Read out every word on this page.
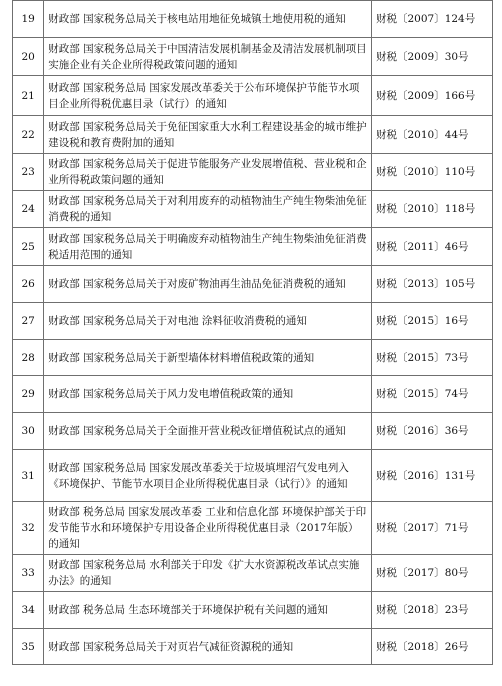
19	财政部 国家税务总局关于核电站用地征免城镇土地使用税的通知	财税〔2007〕124号
20	财政部 国家税务总局关于中国清洁发展机制基金及清洁发展机制项目实施企业有关企业所得税政策问题的通知	财税〔2009〕30号
21	财政部 国家税务总局 国家发展改革委关于公布环境保护节能节水项目企业所得税优惠目录（试行）的通知	财税〔2009〕166号
22	财政部 国家税务总局关于免征国家重大水利工程建设基金的城市维护建设税和教育费附加的通知	财税〔2010〕44号
23	财政部 国家税务总局关于促进节能服务产业发展增值税、营业税和企业所得税政策问题的通知	财税〔2010〕110号
24	财政部 国家税务总局关于对利用废弃的动植物油生产纯生物柴油免征消费税的通知	财税〔2010〕118号
25	财政部 国家税务总局关于明确废弃动植物油生产纯生物柴油免征消费税适用范围的通知	财税〔2011〕46号
26	财政部 国家税务总局关于对废矿物油再生油品免征消费税的通知	财税〔2013〕105号
27	财政部 国家税务总局关于对电池 涂料征收消费税的通知	财税〔2015〕16号
28	财政部 国家税务总局关于新型墙体材料增值税政策的通知	财税〔2015〕73号
29	财政部 国家税务总局关于风力发电增值税政策的通知	财税〔2015〕74号
30	财政部 国家税务总局关于全面推开营业税改征增值税试点的通知	财税〔2016〕36号
31	财政部 国家税务总局 国家发展改革委关于垃圾填埋沼气发电列入《环境保护、节能节水项目企业所得税优惠目录（试行）》的通知	财税〔2016〕131号
32	财政部 税务总局 国家发展改革委 工业和信息化部 环境保护部关于印发节能节水和环境保护专用设备企业所得税优惠目录（2017年版）的通知	财税〔2017〕71号
33	财政部 国家税务总局 水利部关于印发《扩大水资源税改革试点实施办法》的通知	财税〔2017〕80号
34	财政部 税务总局 生态环境部关于环境保护税有关问题的通知	财税〔2018〕23号
35	财政部 国家税务总局关于对页岩气减征资源税的通知	财税〔2018〕26号
